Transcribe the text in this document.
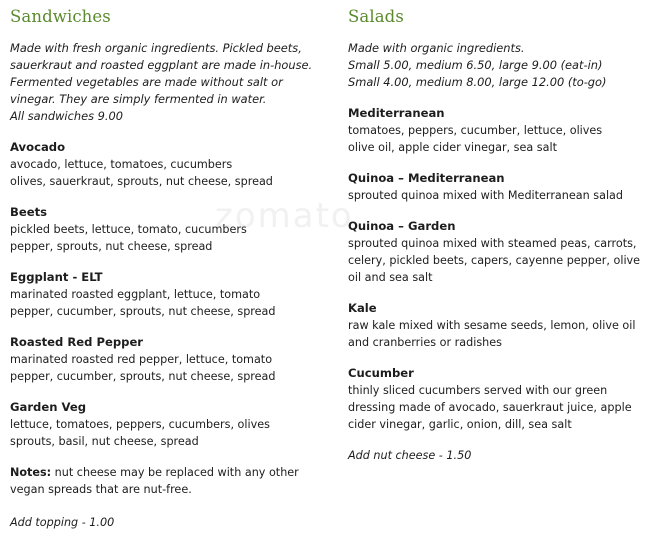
zomato
Sandwiches
Made with fresh organic ingredients. Pickled beets,
sauerkraut and roasted eggplant are made in-house.
Fermented vegetables are made without salt or
vinegar. They are simply fermented in water.
All sandwiches 9.00
Avocado
avocado, lettuce, tomatoes, cucumbers
olives, sauerkraut, sprouts, nut cheese, spread
Beets
pickled beets, lettuce, tomato, cucumbers
pepper, sprouts, nut cheese, spread
Eggplant - ELT
marinated roasted eggplant, lettuce, tomato
pepper, cucumber, sprouts, nut cheese, spread
Roasted Red Pepper
marinated roasted red pepper, lettuce, tomato
pepper, cucumber, sprouts, nut cheese, spread
Garden Veg
lettuce, tomatoes, peppers, cucumbers, olives
sprouts, basil, nut cheese, spread
Notes: nut cheese may be replaced with any other
vegan spreads that are nut-free.
Add topping - 1.00
Salads
Made with organic ingredients.
Small 5.00, medium 6.50, large 9.00 (eat-in)
Small 4.00, medium 8.00, large 12.00 (to-go)
Mediterranean
tomatoes, peppers, cucumber, lettuce, olives
olive oil, apple cider vinegar, sea salt
Quinoa – Mediterranean
sprouted quinoa mixed with Mediterranean salad
Quinoa – Garden
sprouted quinoa mixed with steamed peas, carrots,
celery, pickled beets, capers, cayenne pepper, olive
oil and sea salt
Kale
raw kale mixed with sesame seeds, lemon, olive oil
and cranberries or radishes
Cucumber
thinly sliced cucumbers served with our green
dressing made of avocado, sauerkraut juice, apple
cider vinegar, garlic, onion, dill, sea salt
Add nut cheese - 1.50
